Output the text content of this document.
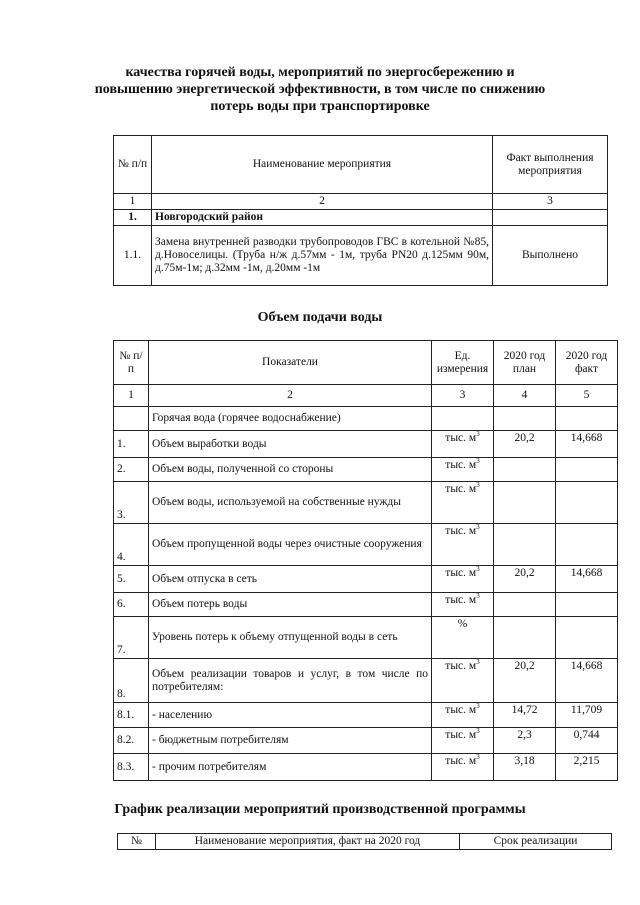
качества горячей воды, мероприятий по энергосбережению и
повышению энергетической эффективности, в том числе по снижению
потерь воды при транспортировке
№ п/п	Наименование мероприятия	Факт выполнения мероприятия
1	2	3
1.	Новгородский район	
1.1.	Замена внутренней разводки трубопроводов ГВС в котельной №85, д.Новоселицы. (Труба н/ж д.57мм - 1м, труба PN20 д.125мм 90м, д.75м-1м; д.32мм -1м, д.20мм -1м	Выполнено
Объем подачи воды
№ п/п	Показатели	Ед. измерения	2020 год план	2020 год факт
1	2	3	4	5
	Горячая вода (горячее водоснабжение)			
1.	Объем выработки воды	тыс. $м^3$	20,2	14,668
2.	Объем воды, полученной со стороны	тыс. $м^3$		
3.	Объем воды, используемой на собственные нужды	тыс. $м^3$		
4.	Объем пропущенной воды через очистные сооружения	тыс. $м^3$		
5.	Объем отпуска в сеть	тыс. $м^3$	20,2	14,668
6.	Объем потерь воды	тыс. $м^3$		
7.	Уровень потерь к объему отпущенной воды в сеть	%		
8.	Объем реализации товаров и услуг, в том числе по потребителям:	тыс. $м^3$	20,2	14,668
8.1.	- населению	тыс. $м^3$	14,72	11,709
8.2.	- бюджетным потребителям	тыс. $м^3$	2,3	0,744
8.3.	- прочим потребителям	тыс. $м^3$	3,18	2,215
График реализации мероприятий производственной программы
№	Наименование мероприятия, факт на 2020 год	Срок реализации
